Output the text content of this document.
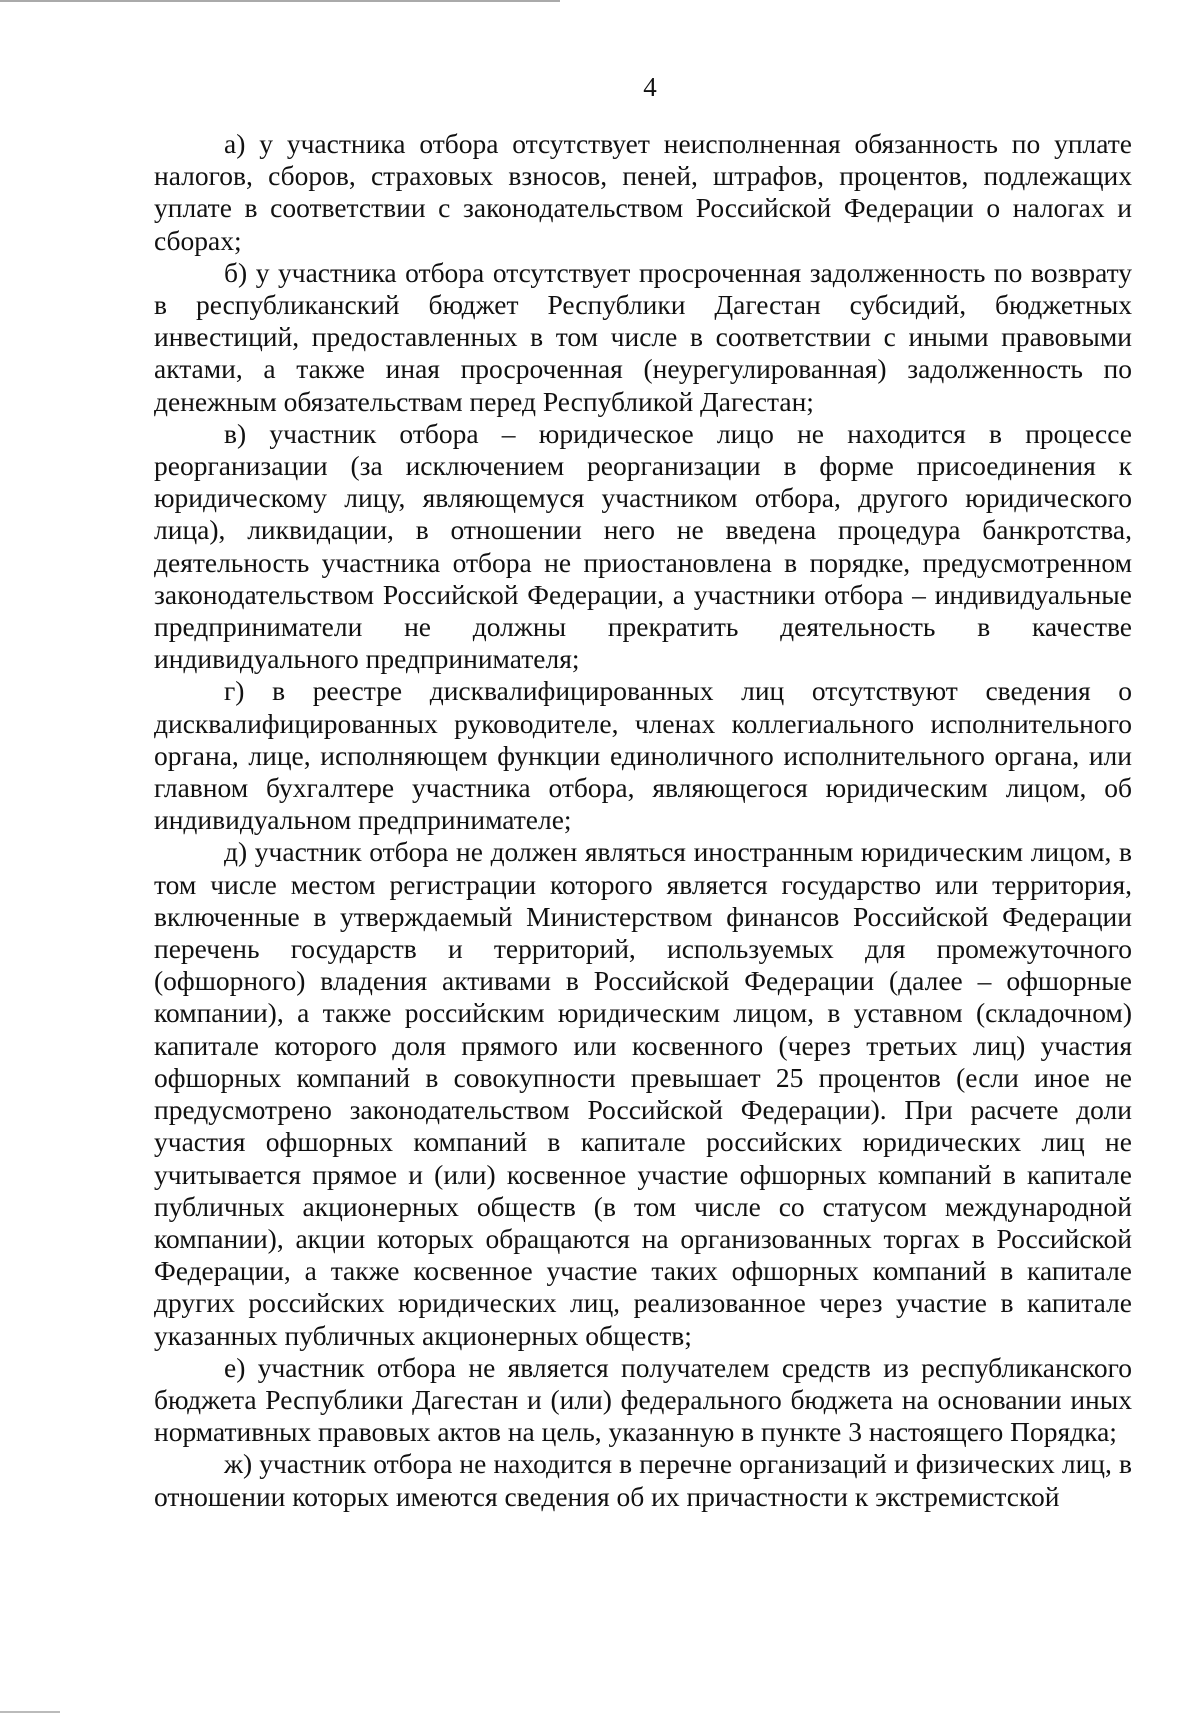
4

а) у участника отбора отсутствует неисполненная обязанность по уплате налогов, сборов, страховых взносов, пеней, штрафов, процентов, подлежащих уплате в соответствии с законодательством Российской Федерации о налогах и сборах;

б) у участника отбора отсутствует просроченная задолженность по возврату в республиканский бюджет Республики Дагестан субсидий, бюджетных инвестиций, предоставленных в том числе в соответствии с иными правовыми актами, а также иная просроченная (неурегулированная) задолженность по денежным обязательствам перед Республикой Дагестан;

в) участник отбора – юридическое лицо не находится в процессе реорганизации (за исключением реорганизации в форме присоединения к юридическому лицу, являющемуся участником отбора, другого юридического лица), ликвидации, в отношении него не введена процедура банкротства, деятельность участника отбора не приостановлена в порядке, предусмотренном законодательством Российской Федерации, а участники отбора – индивидуальные предприниматели не должны прекратить деятельность в качестве индивидуального предпринимателя;

г) в реестре дисквалифицированных лиц отсутствуют сведения о дисквалифицированных руководителе, членах коллегиального исполнительного органа, лице, исполняющем функции единоличного исполнительного органа, или главном бухгалтере участника отбора, являющегося юридическим лицом, об индивидуальном предпринимателе;

д) участник отбора не должен являться иностранным юридическим лицом, в том числе местом регистрации которого является государство или территория, включенные в утверждаемый Министерством финансов Российской Федерации перечень государств и территорий, используемых для промежуточного (офшорного) владения активами в Российской Федерации (далее – офшорные компании), а также российским юридическим лицом, в уставном (складочном) капитале которого доля прямого или косвенного (через третьих лиц) участия офшорных компаний в совокупности превышает 25 процентов (если иное не предусмотрено законодательством Российской Федерации). При расчете доли участия офшорных компаний в капитале российских юридических лиц не учитывается прямое и (или) косвенное участие офшорных компаний в капитале публичных акционерных обществ (в том числе со статусом международной компании), акции которых обращаются на организованных торгах в Российской Федерации, а также косвенное участие таких офшорных компаний в капитале других российских юридических лиц, реализованное через участие в капитале указанных публичных акционерных обществ;

е) участник отбора не является получателем средств из республиканского бюджета Республики Дагестан и (или) федерального бюджета на основании иных нормативных правовых актов на цель, указанную в пункте 3 настоящего Порядка;

ж) участник отбора не находится в перечне организаций и физических лиц, в отношении которых имеются сведения об их причастности к экстремистской
